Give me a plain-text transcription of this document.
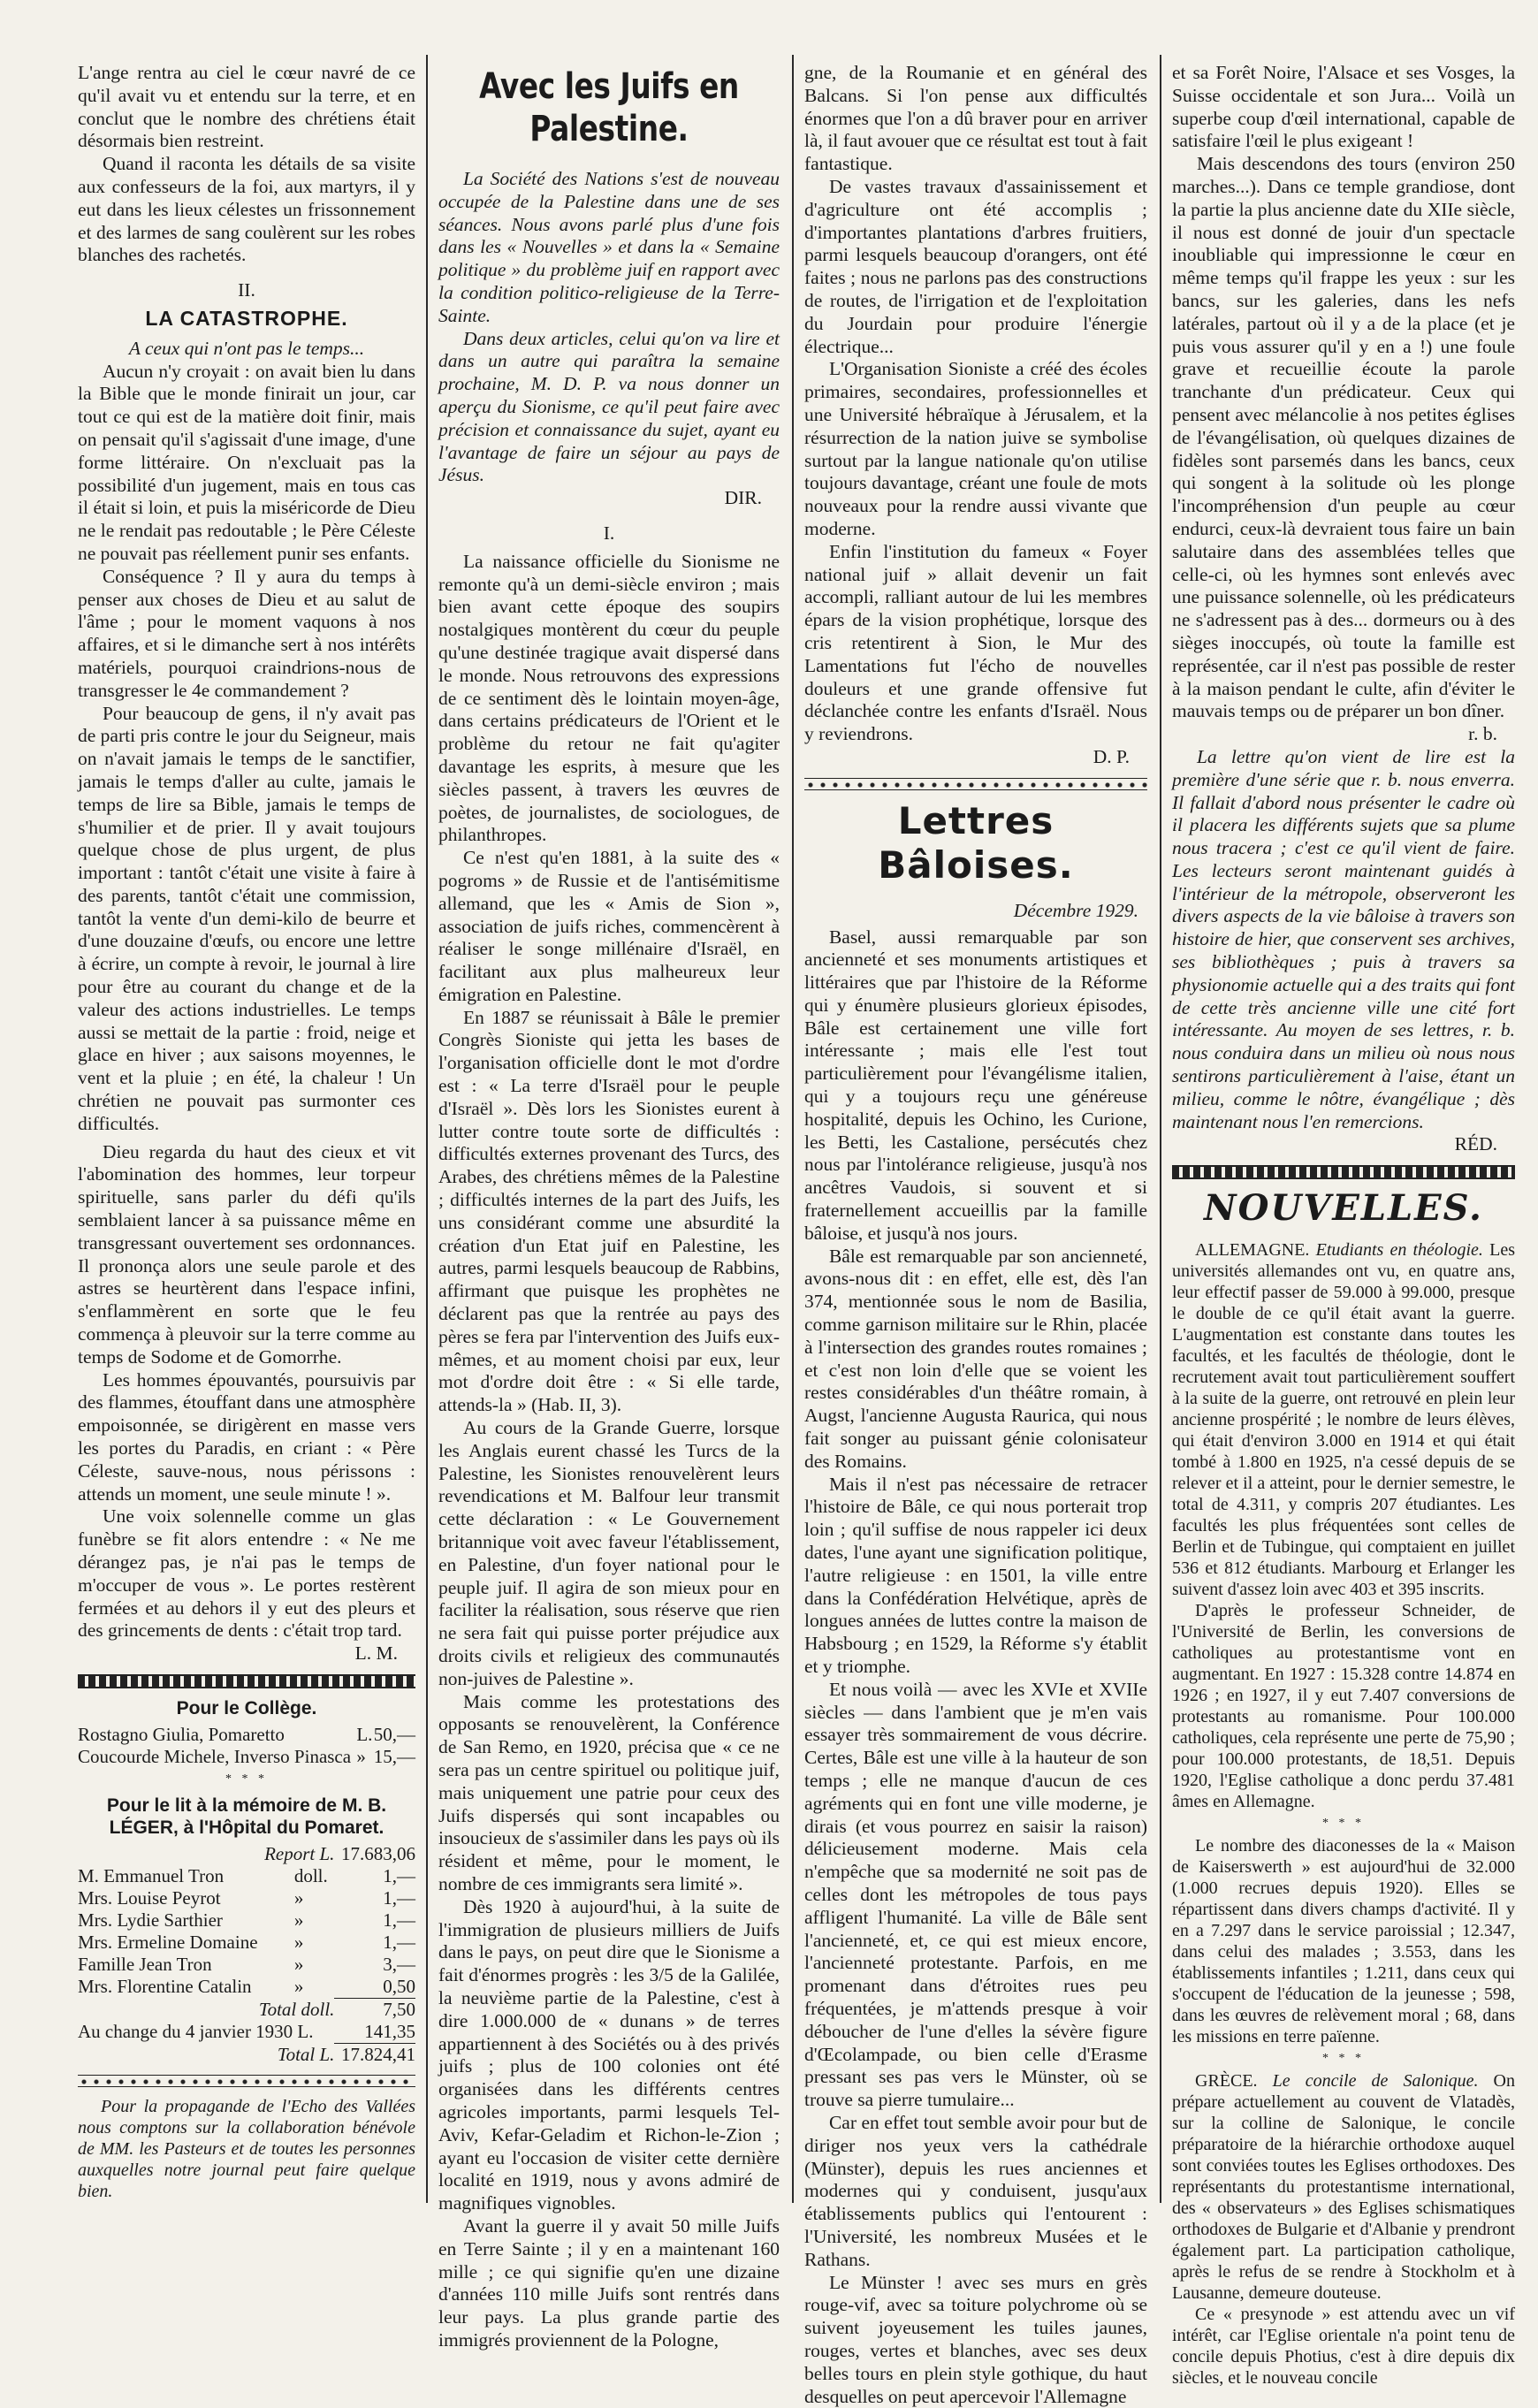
L'ange rentra au ciel le cœur navré de ce qu'il avait vu et entendu sur la terre, et en conclut que le nombre des chrétiens était désormais bien restreint.

Quand il raconta les détails de sa visite aux confesseurs de la foi, aux martyrs, il y eut dans les lieux célestes un frissonnement et des larmes de sang coulèrent sur les robes blanches des rachetés.

II.

LA CATASTROPHE.

A ceux qui n'ont pas le temps...

Aucun n'y croyait : on avait bien lu dans la Bible que le monde finirait un jour, car tout ce qui est de la matière doit finir, mais on pensait qu'il s'agissait d'une image, d'une forme littéraire. On n'excluait pas la possibilité d'un jugement, mais en tous cas il était si loin, et puis la miséricorde de Dieu ne le rendait pas redoutable ; le Père Céleste ne pouvait pas réellement punir ses enfants.

Conséquence ? Il y aura du temps à penser aux choses de Dieu et au salut de l'âme ; pour le moment vaquons à nos affaires, et si le dimanche sert à nos intérêts matériels, pourquoi craindrions-nous de transgresser le 4e commandement ?

Pour beaucoup de gens, il n'y avait pas de parti pris contre le jour du Seigneur, mais on n'avait jamais le temps de le sanctifier, jamais le temps d'aller au culte, jamais le temps de lire sa Bible, jamais le temps de s'humilier et de prier. Il y avait toujours quelque chose de plus urgent, de plus important : tantôt c'était une visite à faire à des parents, tantôt c'était une commission, tantôt la vente d'un demi-kilo de beurre et d'une douzaine d'œufs, ou encore une lettre à écrire, un compte à revoir, le journal à lire pour être au courant du change et de la valeur des actions industrielles. Le temps aussi se mettait de la partie : froid, neige et glace en hiver ; aux saisons moyennes, le vent et la pluie ; en été, la chaleur ! Un chrétien ne pouvait pas surmonter ces difficultés.

Dieu regarda du haut des cieux et vit l'abomination des hommes, leur torpeur spirituelle, sans parler du défi qu'ils semblaient lancer à sa puissance même en transgressant ouvertement ses ordonnances. Il prononça alors une seule parole et des astres se heurtèrent dans l'espace infini, s'enflammèrent en sorte que le feu commença à pleuvoir sur la terre comme au temps de Sodome et de Gomorrhe.

Les hommes épouvantés, poursuivis par des flammes, étouffant dans une atmosphère empoisonnée, se dirigèrent en masse vers les portes du Paradis, en criant : « Père Céleste, sauve-nous, nous périssons : attends un moment, une seule minute ! ».

Une voix solennelle comme un glas funèbre se fit alors entendre : « Ne me dérangez pas, je n'ai pas le temps de m'occuper de vous ». Le portes restèrent fermées et au dehors il y eut des pleurs et des grincements de dents : c'était trop tard.

L. M.

Pour le Collège.
Rostagno Giulia, Pomaretto	L.	50,—
Coucourde Michele, Inverso Pinasca	»	15,—

* * *

Pour le lit à la mémoire de M. B. LÉGER, à l'Hôpital du Pomaret.
Report L.		17.683,06
M. Emmanuel Tron	doll.	1,—
Mrs. Louise Peyrot	»	1,—
Mrs. Lydie Sarthier	»	1,—
Mrs. Ermeline Domaine	»	1,—
Famille Jean Tron	»	3,—
Mrs. Florentine Catalin	»	0,50
Total doll.		7,50
Au change du 4 janvier 1930 L.		141,35
Total L.		17.824,41

Pour la propagande de l'Echo des Vallées nous comptons sur la collaboration bénévole de MM. les Pasteurs et de toutes les personnes auxquelles notre journal peut faire quelque bien.

Avec les Juifs en Palestine.

La Société des Nations s'est de nouveau occupée de la Palestine dans une de ses séances. Nous avons parlé plus d'une fois dans les « Nouvelles » et dans la « Semaine politique » du problème juif en rapport avec la condition politico-religieuse de la Terre-Sainte.

Dans deux articles, celui qu'on va lire et dans un autre qui paraîtra la semaine prochaine, M. D. P. va nous donner un aperçu du Sionisme, ce qu'il peut faire avec précision et connaissance du sujet, ayant eu l'avantage de faire un séjour au pays de Jésus.

DIR.

I.

La naissance officielle du Sionisme ne remonte qu'à un demi-siècle environ ; mais bien avant cette époque des soupirs nostalgiques montèrent du cœur du peuple qu'une destinée tragique avait dispersé dans le monde. Nous retrouvons des expressions de ce sentiment dès le lointain moyen-âge, dans certains prédicateurs de l'Orient et le problème du retour ne fait qu'agiter davantage les esprits, à mesure que les siècles passent, à travers les œuvres de poètes, de journalistes, de sociologues, de philanthropes.

Ce n'est qu'en 1881, à la suite des « pogroms » de Russie et de l'antisémitisme allemand, que les « Amis de Sion », association de juifs riches, commencèrent à réaliser le songe millénaire d'Israël, en facilitant aux plus malheureux leur émigration en Palestine.

En 1887 se réunissait à Bâle le premier Congrès Sioniste qui jetta les bases de l'organisation officielle dont le mot d'ordre est : « La terre d'Israël pour le peuple d'Israël ». Dès lors les Sionistes eurent à lutter contre toute sorte de difficultés : difficultés externes provenant des Turcs, des Arabes, des chrétiens mêmes de la Palestine ; difficultés internes de la part des Juifs, les uns considérant comme une absurdité la création d'un Etat juif en Palestine, les autres, parmi lesquels beaucoup de Rabbins, affirmant que puisque les prophètes ne déclarent pas que la rentrée au pays des pères se fera par l'intervention des Juifs eux-mêmes, et au moment choisi par eux, leur mot d'ordre doit être : « Si elle tarde, attends-la » (Hab. II, 3).

Au cours de la Grande Guerre, lorsque les Anglais eurent chassé les Turcs de la Palestine, les Sionistes renouvelèrent leurs revendications et M. Balfour leur transmit cette déclaration : « Le Gouvernement britannique voit avec faveur l'établissement, en Palestine, d'un foyer national pour le peuple juif. Il agira de son mieux pour en faciliter la réalisation, sous réserve que rien ne sera fait qui puisse porter préjudice aux droits civils et religieux des communautés non-juives de Palestine ».

Mais comme les protestations des opposants se renouvelèrent, la Conférence de San Remo, en 1920, précisa que « ce ne sera pas un centre spirituel ou politique juif, mais uniquement une patrie pour ceux des Juifs dispersés qui sont incapables ou insoucieux de s'assimiler dans les pays où ils résident et même, pour le moment, le nombre de ces immigrants sera limité ».

Dès 1920 à aujourd'hui, à la suite de l'immigration de plusieurs milliers de Juifs dans le pays, on peut dire que le Sionisme a fait d'énormes progrès : les 3/5 de la Galilée, la neuvième partie de la Palestine, c'est à dire 1.000.000 de « dunans » de terres appartiennent à des Sociétés ou à des privés juifs ; plus de 100 colonies ont été organisées dans les différents centres agricoles importants, parmi lesquels Tel-Aviv, Kefar-Geladim et Richon-le-Zion ; ayant eu l'occasion de visiter cette dernière localité en 1919, nous y avons admiré de magnifiques vignobles.

Avant la guerre il y avait 50 mille Juifs en Terre Sainte ; il y en a maintenant 160 mille ; ce qui signifie qu'en une dizaine d'années 110 mille Juifs sont rentrés dans leur pays. La plus grande partie des immigrés proviennent de la Pologne,

gne, de la Roumanie et en général des Balcans. Si l'on pense aux difficultés énormes que l'on a dû braver pour en arriver là, il faut avouer que ce résultat est tout à fait fantastique.

De vastes travaux d'assainissement et d'agriculture ont été accomplis ; d'importantes plantations d'arbres fruitiers, parmi lesquels beaucoup d'orangers, ont été faites ; nous ne parlons pas des constructions de routes, de l'irrigation et de l'exploitation du Jourdain pour produire l'énergie électrique...

L'Organisation Sioniste a créé des écoles primaires, secondaires, professionnelles et une Université hébraïque à Jérusalem, et la résurrection de la nation juive se symbolise surtout par la langue nationale qu'on utilise toujours davantage, créant une foule de mots nouveaux pour la rendre aussi vivante que moderne.

Enfin l'institution du fameux « Foyer national juif » allait devenir un fait accompli, ralliant autour de lui les membres épars de la vision prophétique, lorsque des cris retentirent à Sion, le Mur des Lamentations fut l'écho de nouvelles douleurs et une grande offensive fut déclanchée contre les enfants d'Israël. Nous y reviendrons.

D. P.

Lettres Bâloises.

Décembre 1929.

Basel, aussi remarquable par son ancienneté et ses monuments artistiques et littéraires que par l'histoire de la Réforme qui y énumère plusieurs glorieux épisodes, Bâle est certainement une ville fort intéressante ; mais elle l'est tout particulièrement pour l'évangélisme italien, qui y a toujours reçu une généreuse hospitalité, depuis les Ochino, les Curione, les Betti, les Castalione, persécutés chez nous par l'intolérance religieuse, jusqu'à nos ancêtres Vaudois, si souvent et si fraternellement accueillis par la famille bâloise, et jusqu'à nos jours.

Bâle est remarquable par son ancienneté, avons-nous dit : en effet, elle est, dès l'an 374, mentionnée sous le nom de Basilia, comme garnison militaire sur le Rhin, placée à l'intersection des grandes routes romaines ; et c'est non loin d'elle que se voient les restes considérables d'un théâtre romain, à Augst, l'ancienne Augusta Raurica, qui nous fait songer au puissant génie colonisateur des Romains.

Mais il n'est pas nécessaire de retracer l'histoire de Bâle, ce qui nous porterait trop loin ; qu'il suffise de nous rappeler ici deux dates, l'une ayant une signification politique, l'autre religieuse : en 1501, la ville entre dans la Confédération Helvétique, après de longues années de luttes contre la maison de Habsbourg ; en 1529, la Réforme s'y établit et y triomphe.

Et nous voilà — avec les XVIe et XVIIe siècles — dans l'ambient que je m'en vais essayer très sommairement de vous décrire. Certes, Bâle est une ville à la hauteur de son temps ; elle ne manque d'aucun de ces agréments qui en font une ville moderne, je dirais (et vous pourrez en saisir la raison) délicieusement moderne. Mais cela n'empêche que sa modernité ne soit pas de celles dont les métropoles de tous pays affligent l'humanité. La ville de Bâle sent l'ancienneté, et, ce qui est mieux encore, l'ancienneté protestante. Parfois, en me promenant dans d'étroites rues peu fréquentées, je m'attends presque à voir déboucher de l'une d'elles la sévère figure d'Œcolampade, ou bien celle d'Erasme pressant ses pas vers le Münster, où se trouve sa pierre tumulaire...

Car en effet tout semble avoir pour but de diriger nos yeux vers la cathédrale (Münster), depuis les rues anciennes et modernes qui y conduisent, jusqu'aux établissements publics qui l'entourent : l'Université, les nombreux Musées et le Rathans.

Le Münster ! avec ses murs en grès rouge-vif, avec sa toiture polychrome où se suivent joyeusement les tuiles jaunes, rouges, vertes et blanches, avec ses deux belles tours en plein style gothique, du haut desquelles on peut apercevoir l'Allemagne

et sa Forêt Noire, l'Alsace et ses Vosges, la Suisse occidentale et son Jura... Voilà un superbe coup d'œil international, capable de satisfaire l'œil le plus exigeant !

Mais descendons des tours (environ 250 marches...). Dans ce temple grandiose, dont la partie la plus ancienne date du XIIe siècle, il nous est donné de jouir d'un spectacle inoubliable qui impressionne le cœur en même temps qu'il frappe les yeux : sur les bancs, sur les galeries, dans les nefs latérales, partout où il y a de la place (et je puis vous assurer qu'il y en a !) une foule grave et recueillie écoute la parole tranchante d'un prédicateur. Ceux qui pensent avec mélancolie à nos petites églises de l'évangélisation, où quelques dizaines de fidèles sont parsemés dans les bancs, ceux qui songent à la solitude où les plonge l'incompréhension d'un peuple au cœur endurci, ceux-là devraient tous faire un bain salutaire dans des assemblées telles que celle-ci, où les hymnes sont enlevés avec une puissance solennelle, où les prédicateurs ne s'adressent pas à des... dormeurs ou à des sièges inoccupés, où toute la famille est représentée, car il n'est pas possible de rester à la maison pendant le culte, afin d'éviter le mauvais temps ou de préparer un bon dîner.

r. b.

La lettre qu'on vient de lire est la première d'une série que r. b. nous enverra. Il fallait d'abord nous présenter le cadre où il placera les différents sujets que sa plume nous tracera ; c'est ce qu'il vient de faire. Les lecteurs seront maintenant guidés à l'intérieur de la métropole, observeront les divers aspects de la vie bâloise à travers son histoire de hier, que conservent ses archives, ses bibliothèques ; puis à travers sa physionomie actuelle qui a des traits qui font de cette très ancienne ville une cité fort intéressante. Au moyen de ses lettres, r. b. nous conduira dans un milieu où nous nous sentirons particulièrement à l'aise, étant un milieu, comme le nôtre, évangélique ; dès maintenant nous l'en remercions.

RÉD.

NOUVELLES.

ALLEMAGNE. Etudiants en théologie. Les universités allemandes ont vu, en quatre ans, leur effectif passer de 59.000 à 99.000, presque le double de ce qu'il était avant la guerre. L'augmentation est constante dans toutes les facultés, et les facultés de théologie, dont le recrutement avait tout particulièrement souffert à la suite de la guerre, ont retrouvé en plein leur ancienne prospérité ; le nombre de leurs élèves, qui était d'environ 3.000 en 1914 et qui était tombé à 1.800 en 1925, n'a cessé depuis de se relever et il a atteint, pour le dernier semestre, le total de 4.311, y compris 207 étudiantes. Les facultés les plus fréquentées sont celles de Berlin et de Tubingue, qui comptaient en juillet 536 et 812 étudiants. Marbourg et Erlanger les suivent d'assez loin avec 403 et 395 inscrits.

D'après le professeur Schneider, de l'Université de Berlin, les conversions de catholiques au protestantisme vont en augmentant. En 1927 : 15.328 contre 14.874 en 1926 ; en 1927, il y eut 7.407 conversions de protestants au romanisme. Pour 100.000 catholiques, cela représente une perte de 75,90 ; pour 100.000 protestants, de 18,51. Depuis 1920, l'Eglise catholique a donc perdu 37.481 âmes en Allemagne.

* * *

Le nombre des diaconesses de la « Maison de Kaiserswerth » est aujourd'hui de 32.000 (1.000 recrues depuis 1920). Elles se répartissent dans divers champs d'activité. Il y en a 7.297 dans le service paroissial ; 12.347, dans celui des malades ; 3.553, dans les établissements infantiles ; 1.211, dans ceux qui s'occupent de l'éducation de la jeunesse ; 598, dans les œuvres de relèvement moral ; 68, dans les missions en terre païenne.

* * *

GRÈCE. Le concile de Salonique. On prépare actuellement au couvent de Vlatadès, sur la colline de Salonique, le concile préparatoire de la hiérarchie orthodoxe auquel sont conviées toutes les Eglises orthodoxes. Des représentants du protestantisme international, des « observateurs » des Eglises schismatiques orthodoxes de Bulgarie et d'Albanie y prendront également part. La participation catholique, après le refus de se rendre à Stockholm et à Lausanne, demeure douteuse.

Ce « presynode » est attendu avec un vif intérêt, car l'Eglise orientale n'a point tenu de concile depuis Photius, c'est à dire depuis dix siècles, et le nouveau concile
